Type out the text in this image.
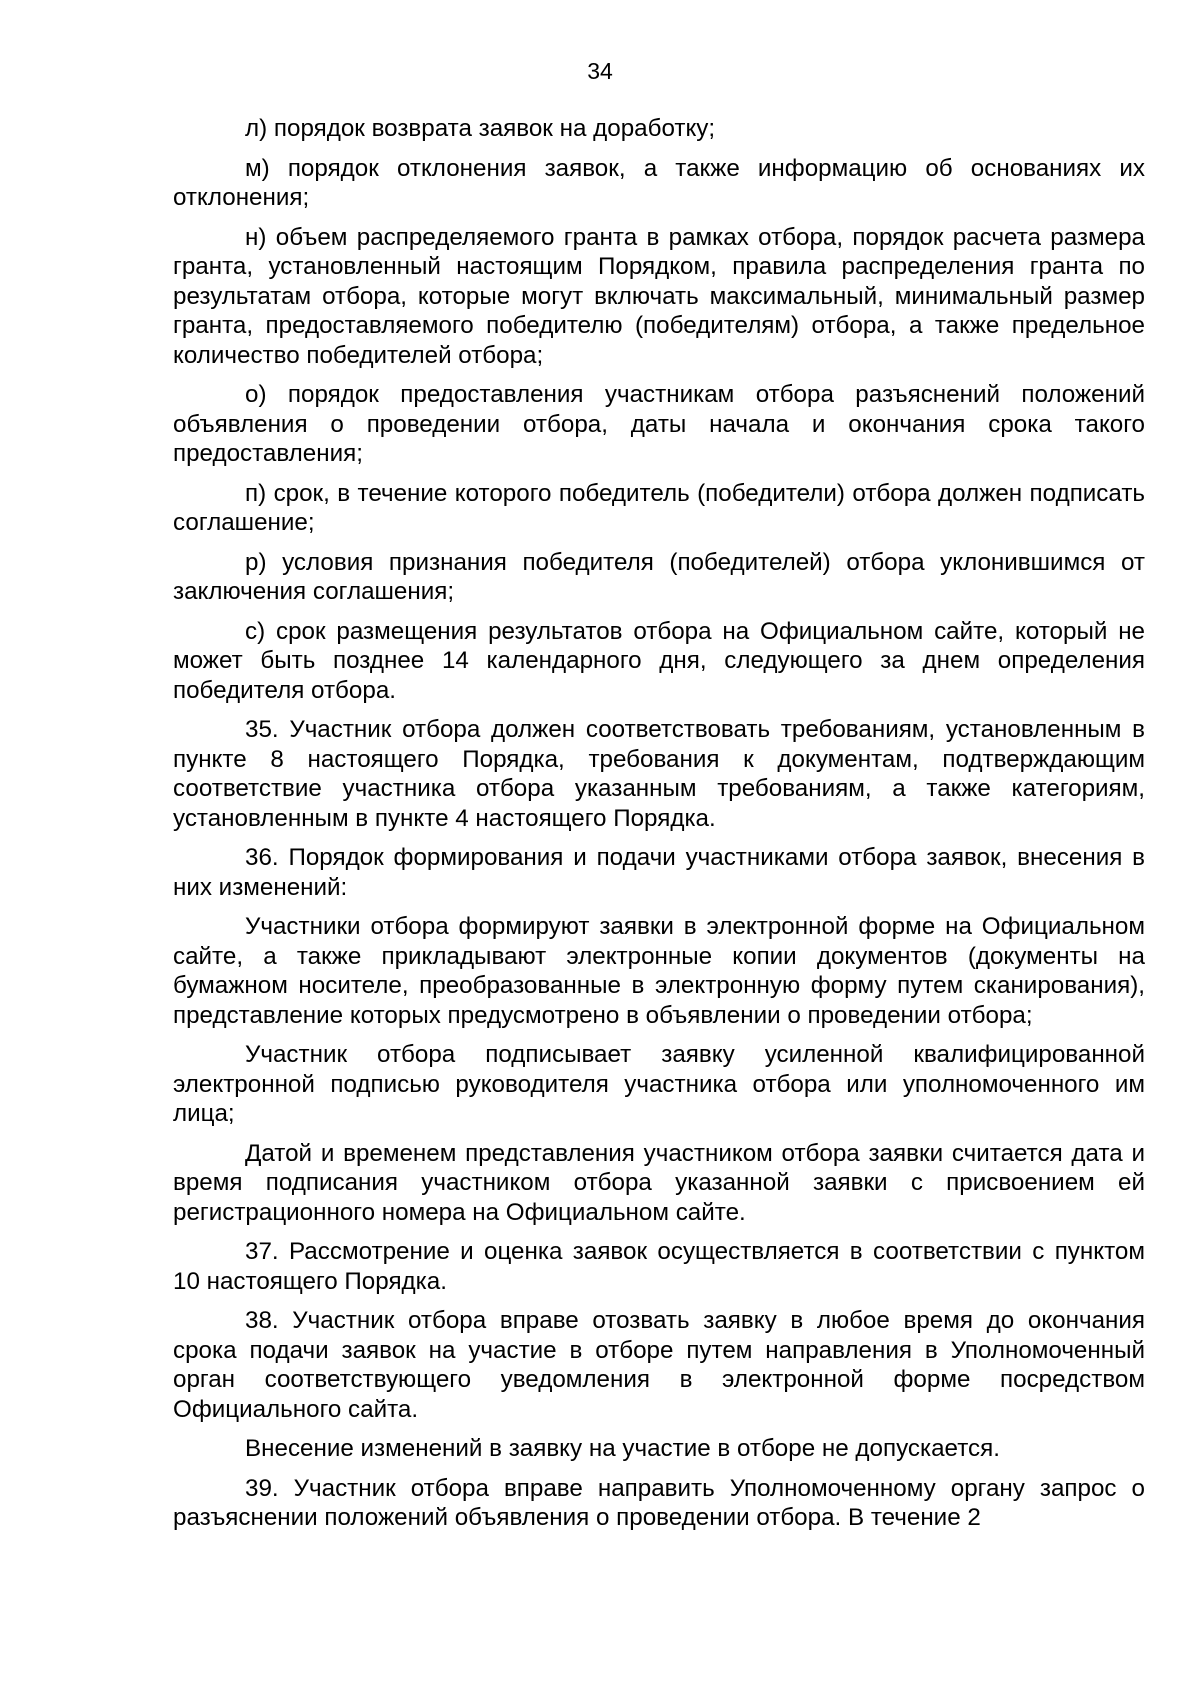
34

л) порядок возврата заявок на доработку;

м) порядок отклонения заявок, а также информацию об основаниях их отклонения;

н) объем распределяемого гранта в рамках отбора, порядок расчета размера гранта, установленный настоящим Порядком, правила распределения гранта по результатам отбора, которые могут включать максимальный, минимальный размер гранта, предоставляемого победителю (победителям) отбора, а также предельное количество победителей отбора;

о) порядок предоставления участникам отбора разъяснений положений объявления о проведении отбора, даты начала и окончания срока такого предоставления;

п) срок, в течение которого победитель (победители) отбора должен подписать соглашение;

р) условия признания победителя (победителей) отбора уклонившимся от заключения соглашения;

с) срок размещения результатов отбора на Официальном сайте, который не может быть позднее 14 календарного дня, следующего за днем определения победителя отбора.

35. Участник отбора должен соответствовать требованиям, установленным в пункте 8 настоящего Порядка, требования к документам, подтверждающим соответствие участника отбора указанным требованиям, а также категориям, установленным в пункте 4 настоящего Порядка.

36. Порядок формирования и подачи участниками отбора заявок, внесения в них изменений:

Участники отбора формируют заявки в электронной форме на Официальном сайте, а также прикладывают электронные копии документов (документы на бумажном носителе, преобразованные в электронную форму путем сканирования), представление которых предусмотрено в объявлении о проведении отбора;

Участник отбора подписывает заявку усиленной квалифицированной электронной подписью руководителя участника отбора или уполномоченного им лица;

Датой и временем представления участником отбора заявки считается дата и время подписания участником отбора указанной заявки с присвоением ей регистрационного номера на Официальном сайте.

37. Рассмотрение и оценка заявок осуществляется в соответствии с пунктом 10 настоящего Порядка.

38. Участник отбора вправе отозвать заявку в любое время до окончания срока подачи заявок на участие в отборе путем направления в Уполномоченный орган соответствующего уведомления в электронной форме посредством Официального сайта.

Внесение изменений в заявку на участие в отборе не допускается.

39. Участник отбора вправе направить Уполномоченному органу запрос о разъяснении положений объявления о проведении отбора. В течение 2
